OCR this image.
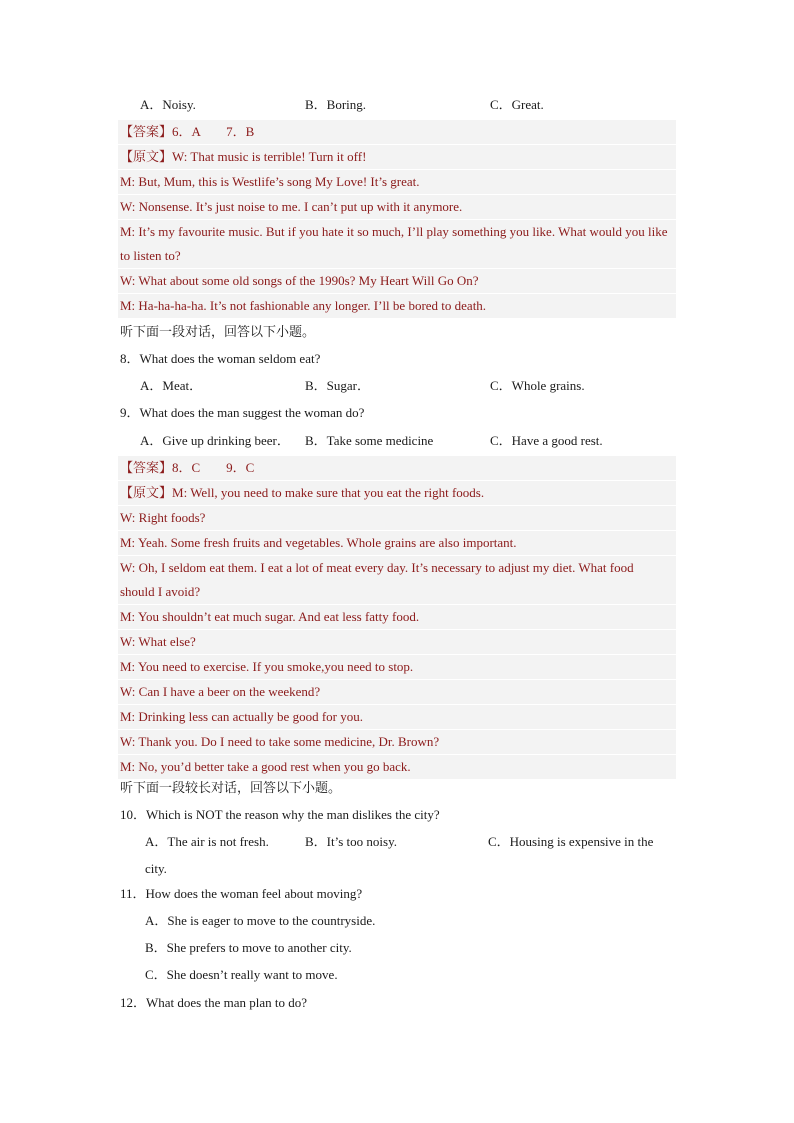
A．Noisy.	B．Boring.	C．Great.
【答案】6．A　　7．B
【原文】W: That music is terrible! Turn it off!
M: But, Mum, this is Westlife’s song My Love! It’s great.
W: Nonsense. It’s just noise to me. I can’t put up with it anymore.
M: It’s my favourite music. But if you hate it so much, I’ll play something you like. What would you like to listen to?
W: What about some old songs of the 1990s? My Heart Will Go On?
M: Ha-ha-ha-ha. It’s not fashionable any longer. I’ll be bored to death.
听下面一段对话，回答以下小题。
8．What does the woman seldom eat?
A．Meat．	B．Sugar．	C．Whole grains.
9．What does the man suggest the woman do?
A．Give up drinking beer． B．Take some medicine	C．Have a good rest.
【答案】8．C　　9．C
【原文】M: Well, you need to make sure that you eat the right foods.
W: Right foods?
M: Yeah. Some fresh fruits and vegetables. Whole grains are also important.
W: Oh, I seldom eat them. I eat a lot of meat every day. It’s necessary to adjust my diet. What food should I avoid?
M: You shouldn’t eat much sugar. And eat less fatty food.
W: What else?
M: You need to exercise. If you smoke,you need to stop.
W: Can I have a beer on the weekend?
M: Drinking less can actually be good for you.
W: Thank you. Do I need to take some medicine, Dr. Brown?
M: No, you’d better take a good rest when you go back.
听下面一段较长对话，回答以下小题。
10．Which is NOT the reason why the man dislikes the city?
A．The air is not fresh.	B．It’s too noisy.	C．Housing is expensive in the
city.
11．How does the woman feel about moving?
A．She is eager to move to the countryside.
B．She prefers to move to another city.
C．She doesn’t really want to move.
12．What does the man plan to do?
